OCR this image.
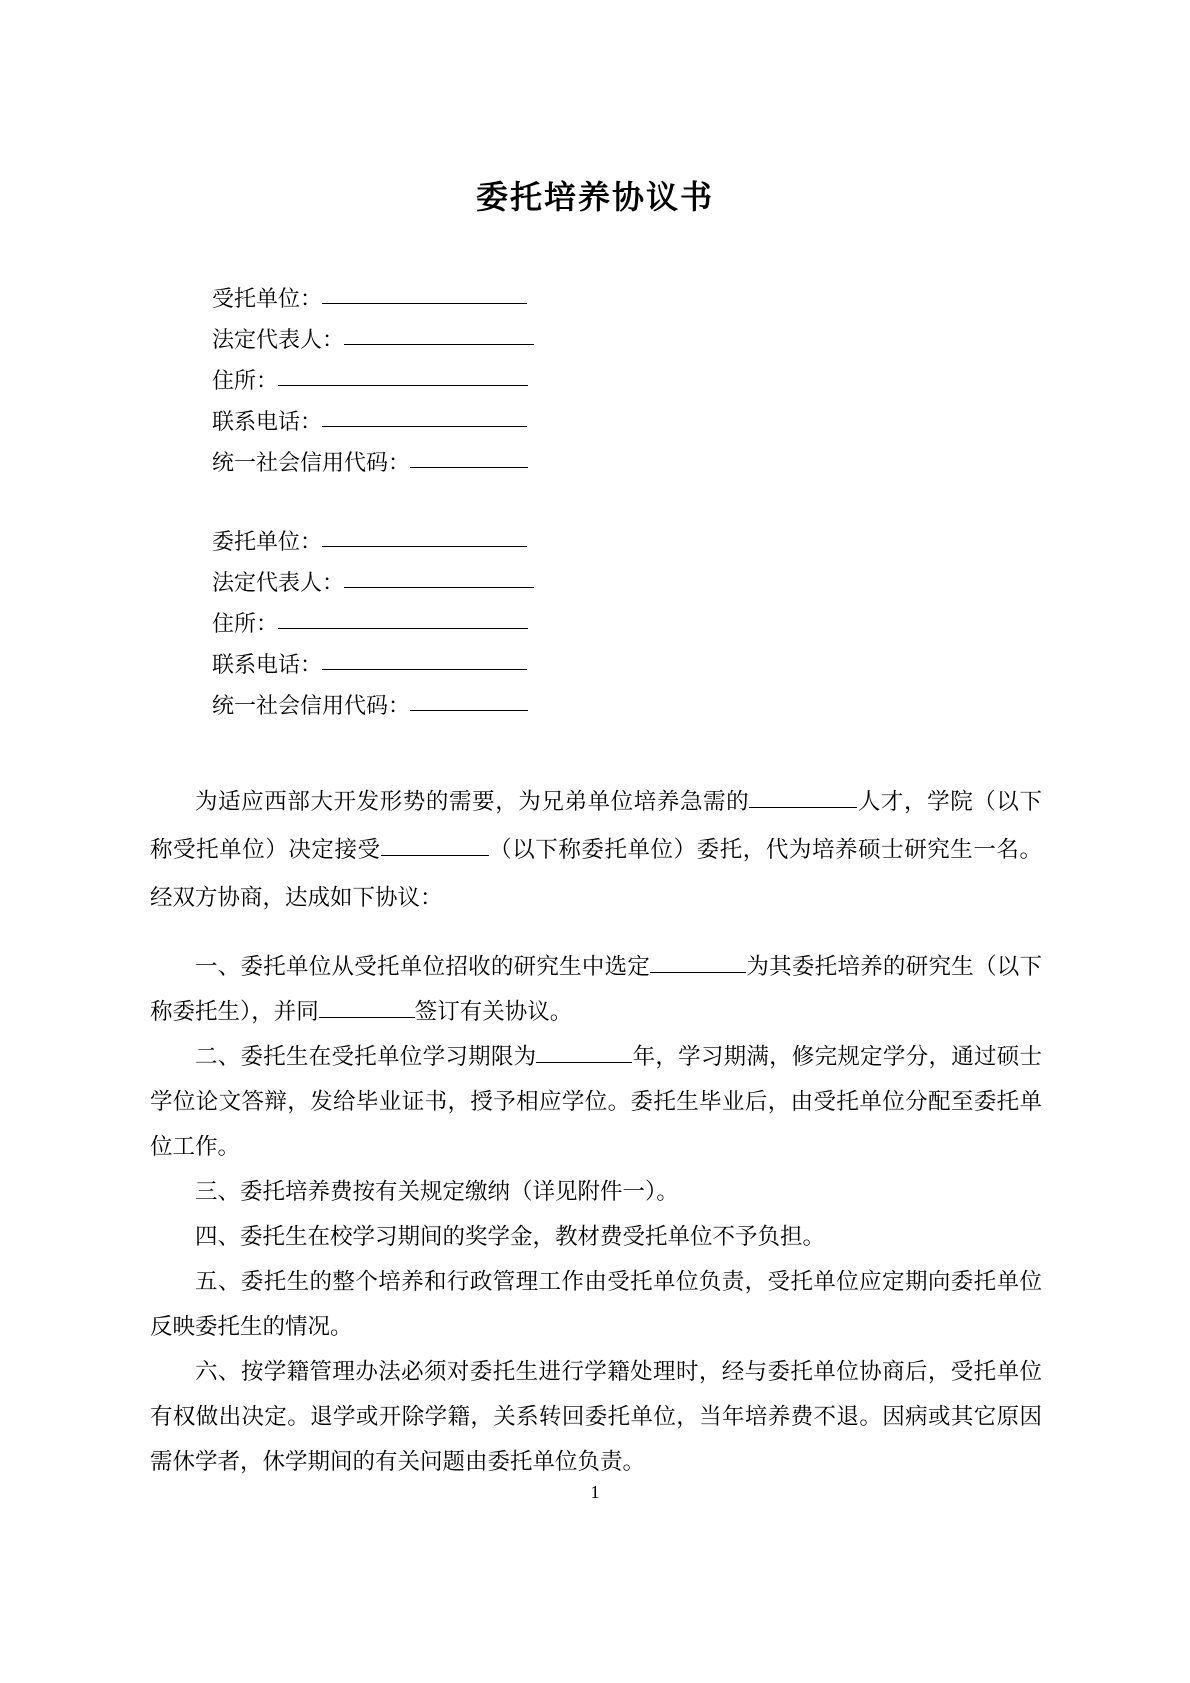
委托培养协议书
受托单位：
法定代表人：
住所：
联系电话：
统一社会信用代码：
委托单位：
法定代表人：
住所：
联系电话：
统一社会信用代码：

为适应西部大开发形势的需要，为兄弟单位培养急需的	人才，学院（以下称受托单位）决定接受	（以下称委托单位）委托，代为培养硕士研究生一名。经双方协商，达成如下协议：

一、委托单位从受托单位招收的研究生中选定	为其委托培养的研究生（以下称委托生），并同	签订有关协议。

二、委托生在受托单位学习期限为	年，学习期满，修完规定学分，通过硕士学位论文答辩，发给毕业证书，授予相应学位。委托生毕业后，由受托单位分配至委托单位工作。

三、委托培养费按有关规定缴纳（详见附件一）。

四、委托生在校学习期间的奖学金，教材费受托单位不予负担。

五、委托生的整个培养和行政管理工作由受托单位负责，受托单位应定期向委托单位反映委托生的情况。

六、按学籍管理办法必须对委托生进行学籍处理时，经与委托单位协商后，受托单位有权做出决定。退学或开除学籍，关系转回委托单位，当年培养费不退。因病或其它原因需休学者，休学期间的有关问题由委托单位负责。

1
